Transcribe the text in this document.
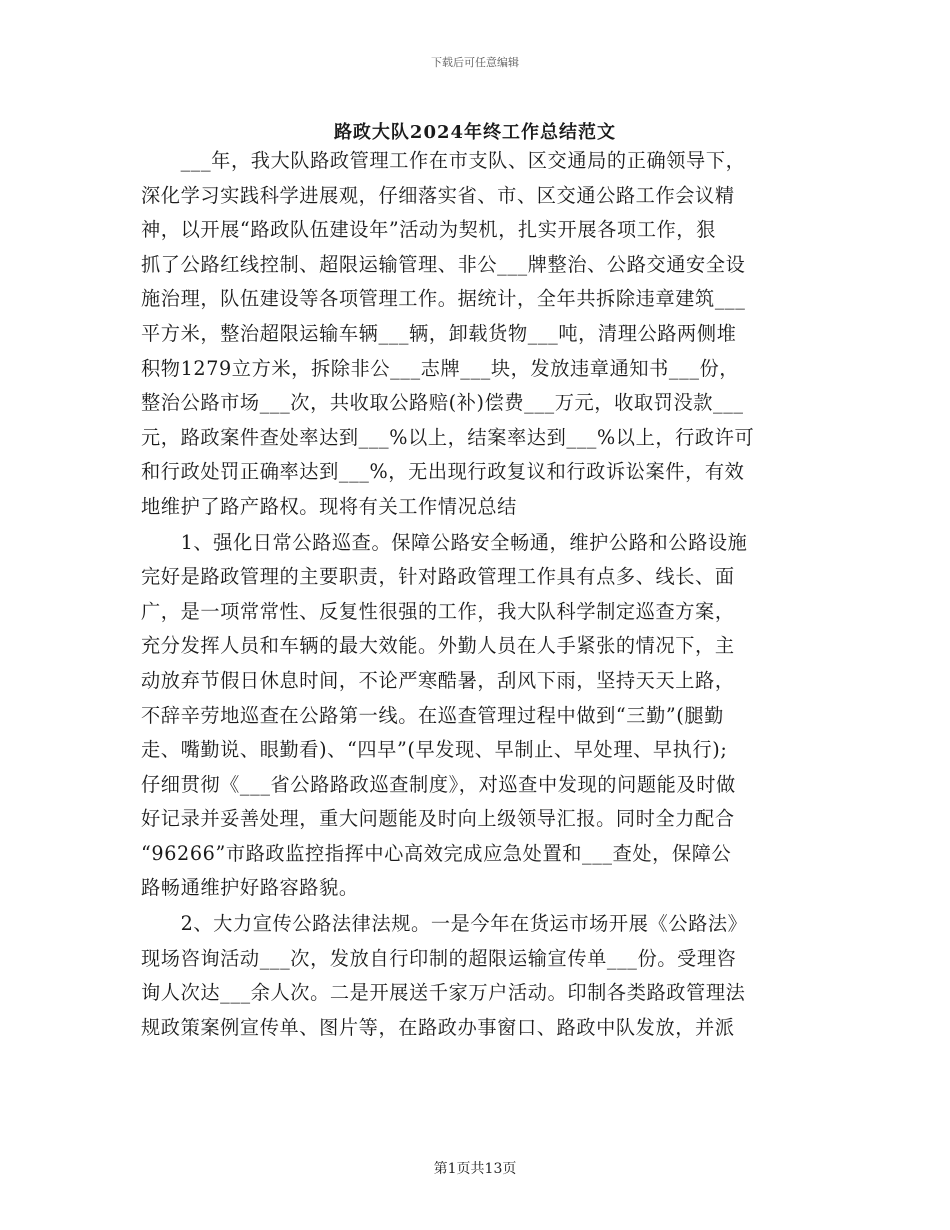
下载后可任意编辑
路政大队2024年终工作总结范文
　　___年，我大队路政管理工作在市支队、区交通局的正确领导下，
深化学习实践科学进展观，仔细落实省、市、区交通公路工作会议精
神，以开展“路政队伍建设年”活动为契机，扎实开展各项工作，狠
抓了公路红线控制、超限运输管理、非公___牌整治、公路交通安全设
施治理，队伍建设等各项管理工作。据统计，全年共拆除违章建筑___
平方米，整治超限运输车辆___辆，卸载货物___吨，清理公路两侧堆
积物1279立方米，拆除非公___志牌___块，发放违章通知书___份，
整治公路市场___次，共收取公路赔(补)偿费___万元，收取罚没款___
元，路政案件查处率达到___%以上，结案率达到___%以上，行政许可
和行政处罚正确率达到___%，无出现行政复议和行政诉讼案件，有效
地维护了路产路权。现将有关工作情况总结
　　1、强化日常公路巡查。保障公路安全畅通，维护公路和公路设施
完好是路政管理的主要职责，针对路政管理工作具有点多、线长、面
广，是一项常常性、反复性很强的工作，我大队科学制定巡查方案，
充分发挥人员和车辆的最大效能。外勤人员在人手紧张的情况下，主
动放弃节假日休息时间，不论严寒酷暑，刮风下雨，坚持天天上路，
不辞辛劳地巡查在公路第一线。在巡查管理过程中做到“三勤”(腿勤
走、嘴勤说、眼勤看)、“四早”(早发现、早制止、早处理、早执行);
仔细贯彻《___省公路路政巡查制度》，对巡查中发现的问题能及时做
好记录并妥善处理，重大问题能及时向上级领导汇报。同时全力配合
“96266”市路政监控指挥中心高效完成应急处置和___查处，保障公
路畅通维护好路容路貌。
　　2、大力宣传公路法律法规。一是今年在货运市场开展《公路法》
现场咨询活动___次，发放自行印制的超限运输宣传单___份。受理咨
询人次达___余人次。二是开展送千家万户活动。印制各类路政管理法
规政策案例宣传单、图片等，在路政办事窗口、路政中队发放，并派
第1页共13页
